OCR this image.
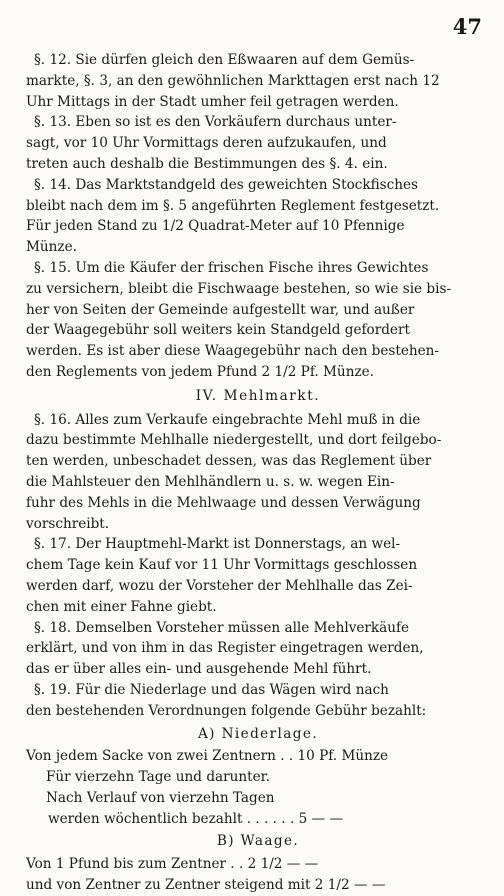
47
§. 12. Sie dürfen gleich den Eßwaaren auf dem Gemüs-
markte, §. 3, an den gewöhnlichen Markttagen erst nach 12
Uhr Mittags in der Stadt umher feil getragen werden.
§. 13. Eben so ist es den Vorkäufern durchaus unter-
sagt, vor 10 Uhr Vormittags deren aufzukaufen, und
treten auch deshalb die Bestimmungen des §. 4. ein.
§. 14. Das Marktstandgeld des geweichten Stockfisches
bleibt nach dem im §. 5 angeführten Reglement festgesetzt.
Für jeden Stand zu 1/2 Quadrat-Meter auf 10 Pfennige
Münze.
§. 15. Um die Käufer der frischen Fische ihres Gewichtes
zu versichern, bleibt die Fischwaage bestehen, so wie sie bis-
her von Seiten der Gemeinde aufgestellt war, und außer
der Waagegebühr soll weiters kein Standgeld gefordert
werden. Es ist aber diese Waagegebühr nach den bestehen-
den Reglements von jedem Pfund 2 1/2 Pf. Münze.
IV. Mehlmarkt.
§. 16. Alles zum Verkaufe eingebrachte Mehl muß in die
dazu bestimmte Mehlhalle niedergestellt, und dort feilgebo-
ten werden, unbeschadet dessen, was das Reglement über
die Mahlsteuer den Mehlhändlern u. s. w. wegen Ein-
fuhr des Mehls in die Mehlwaage und dessen Verwägung
vorschreibt.
§. 17. Der Hauptmehl-Markt ist Donnerstags, an wel-
chem Tage kein Kauf vor 11 Uhr Vormittags geschlossen
werden darf, wozu der Vorsteher der Mehlhalle das Zei-
chen mit einer Fahne giebt.
§. 18. Demselben Vorsteher müssen alle Mehlverkäufe
erklärt, und von ihm in das Register eingetragen werden,
das er über alles ein- und ausgehende Mehl führt.
§. 19. Für die Niederlage und das Wägen wird nach
den bestehenden Verordnungen folgende Gebühr bezahlt:
A) Niederlage.
Von jedem Sacke von zwei Zentnern . . 10 Pf. Münze
Für vierzehn Tage und darunter.
Nach Verlauf von vierzehn Tagen
werden wöchentlich bezahlt . . . . . . 5 — —
B) Waage.
Von 1 Pfund bis zum Zentner . . 2 1/2 — —
und von Zentner zu Zentner steigend mit 2 1/2 — —
